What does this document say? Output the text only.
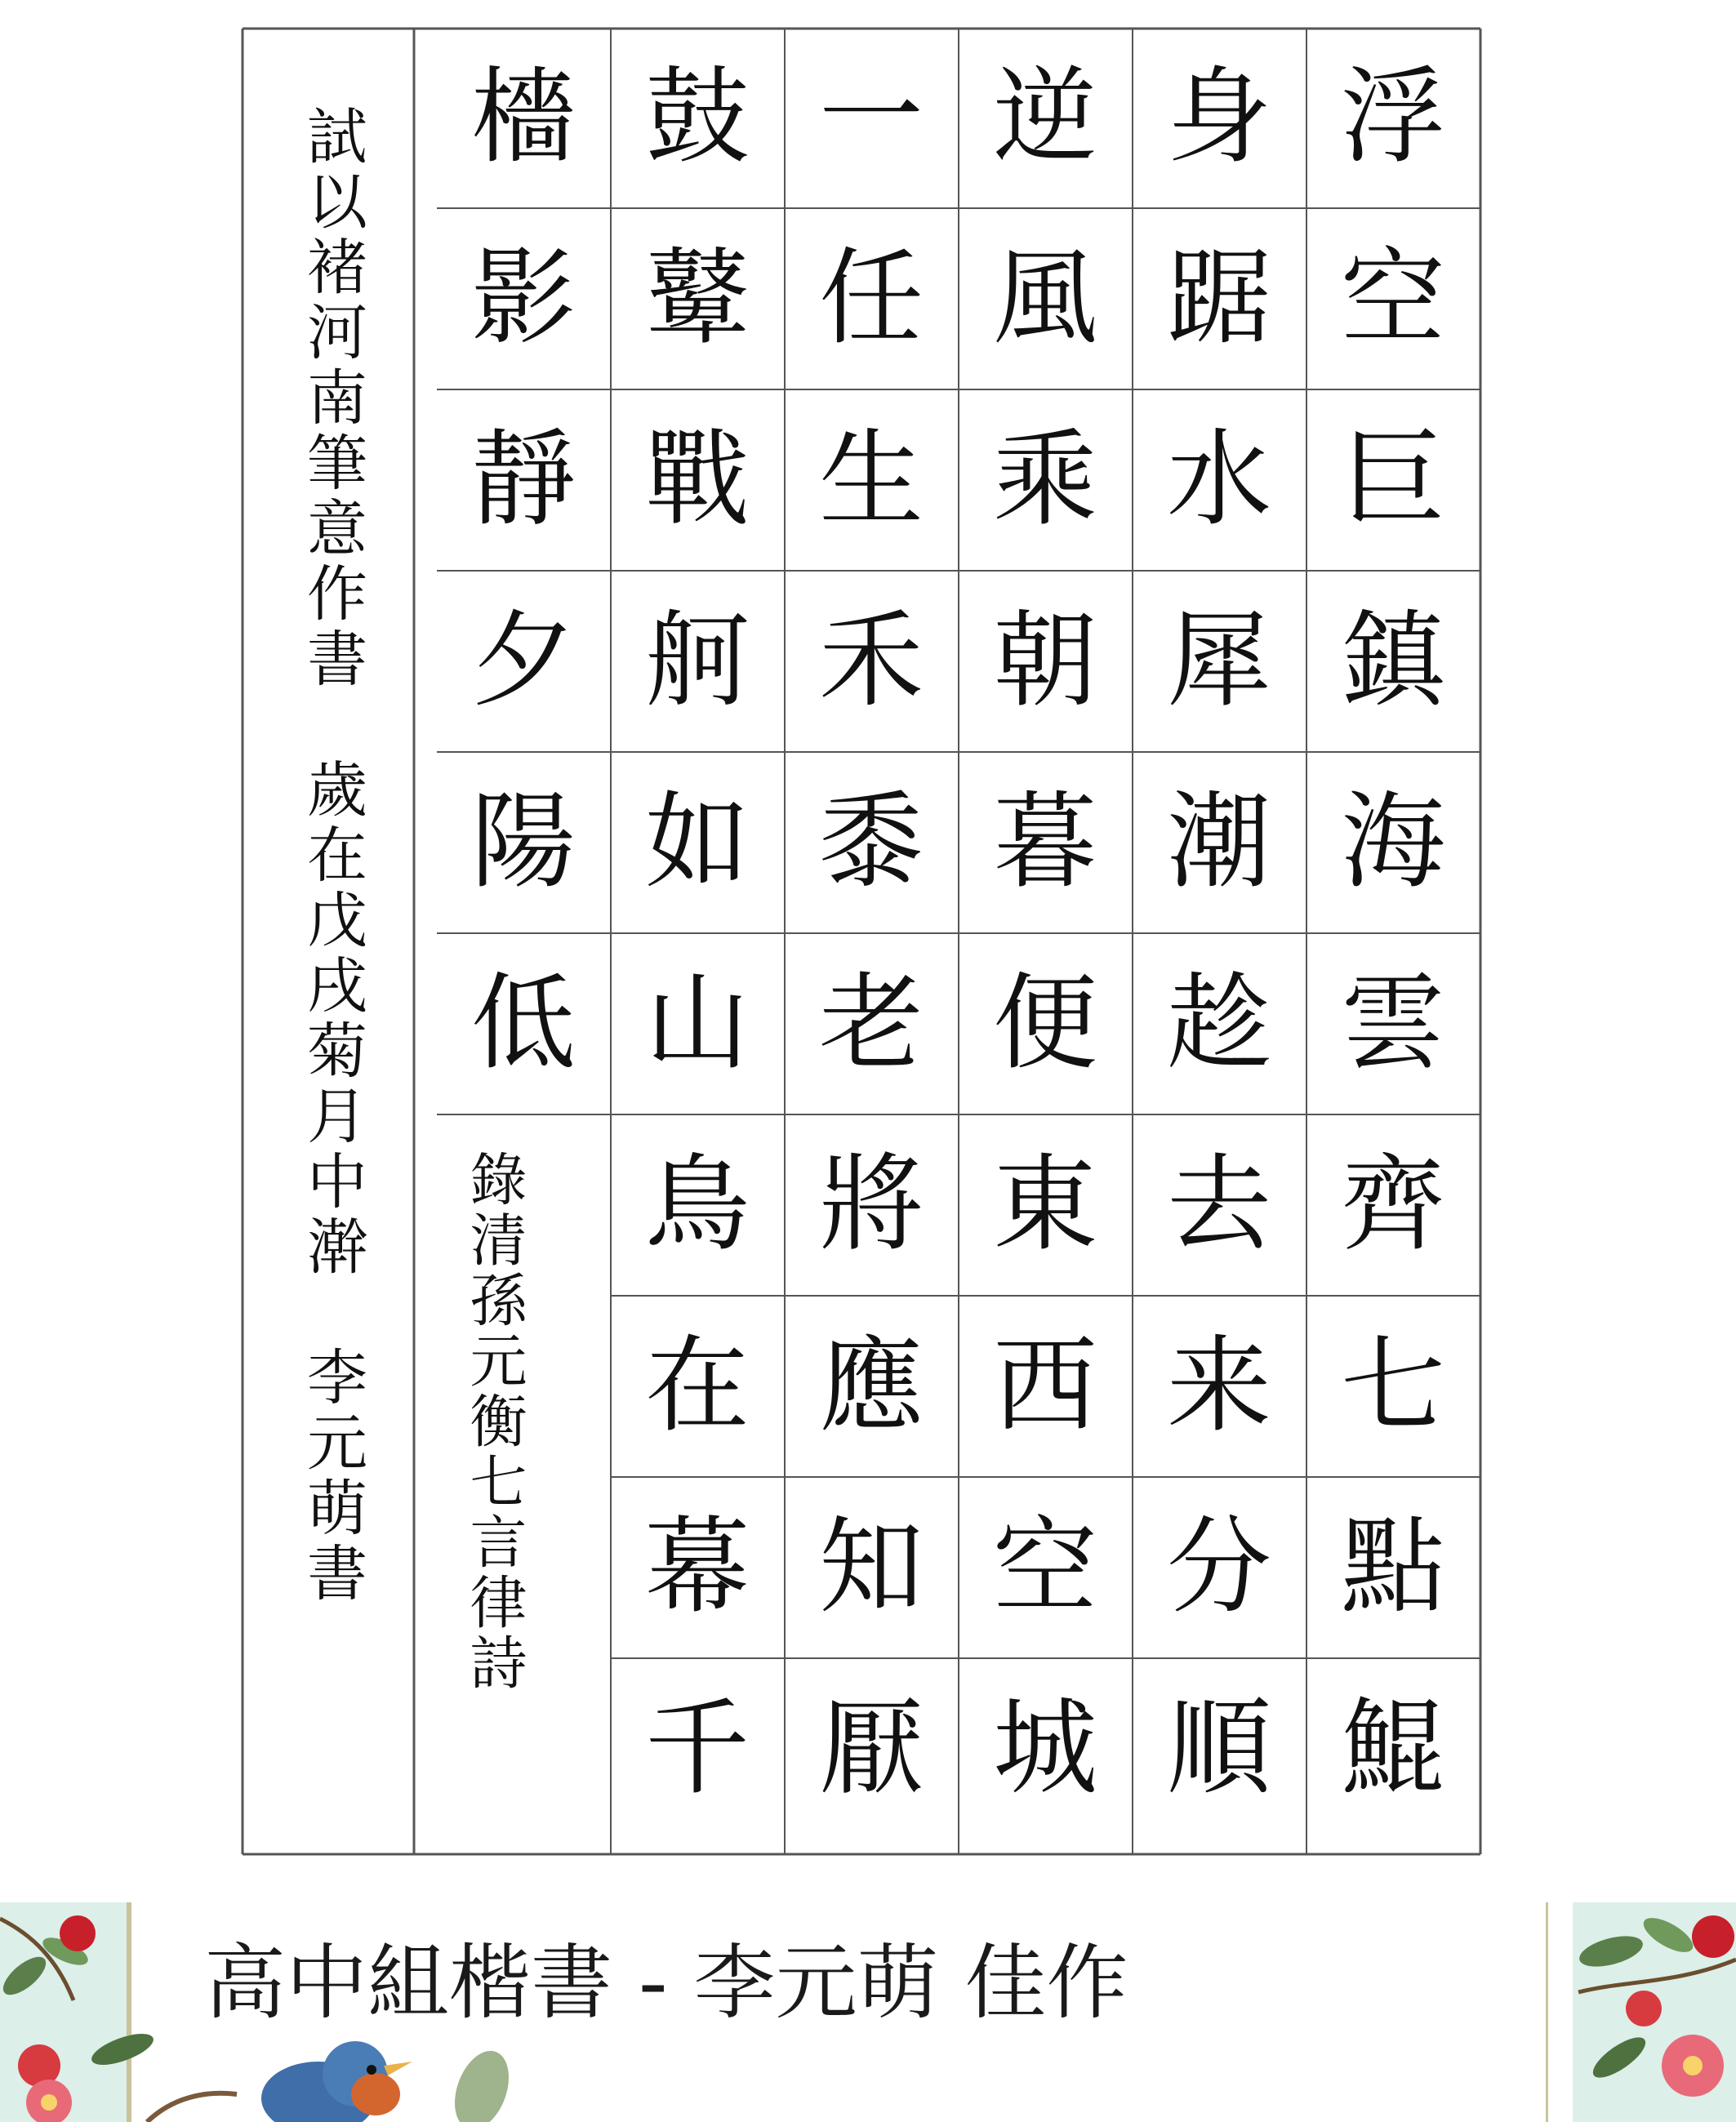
浮
空
巨
鎮
海
雲
齊
七
點
鯤
身
踞
水
犀
潮
趁
去
来
分
順
逆
風
乘
朝
暮
便
東
西
空
城
一
任
生
禾
黍
老
將
應
知
厭
鼓
鼙
戰
舸
如
山
鳥
在
幕
千
檣
影
靜
夕
陽
低
試以褚河南筆意作書　歲在戊戌菊月中澣　李元萌書 錄清孫元衡七言律詩
高中組楷書 - 李元萌 佳作
